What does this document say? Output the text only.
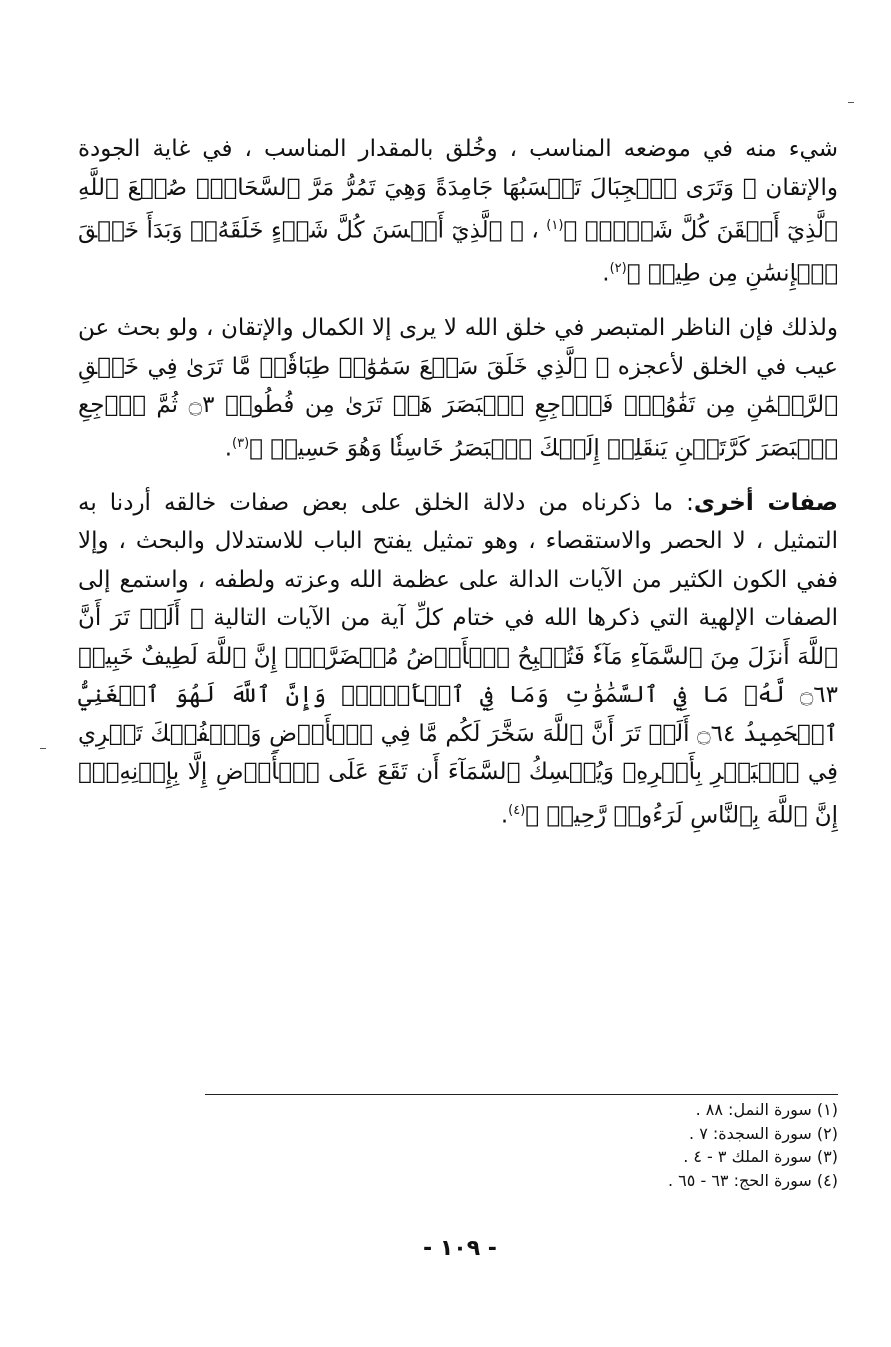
شيء منه في موضعه المناسب ، وخُلق بالمقدار المناسب ، في غاية الجودة والإتقان ﴿ وَتَرَى ٱلۡجِبَالَ تَحۡسَبُهَا جَامِدَةً وَهِيَ تَمُرُّ مَرَّ ٱلسَّحَابِۚ صُنۡعَ ٱللَّهِ ٱلَّذِيٓ أَتۡقَنَ كُلَّ شَيۡءٍۚ ﴾$^{(١)}$ ، ﴿ ٱلَّذِيٓ أَحۡسَنَ كُلَّ شَيۡءٍ خَلَقَهُۥۖ وَبَدَأَ خَلۡقَ ٱلۡإِنسَٰنِ مِن طِينٖ ﴾$^{(٢)}$.

ولذلك فإن الناظر المتبصر في خلق الله لا يرى إلا الكمال والإتقان ، ولو بحث عن عيب في الخلق لأعجزه ﴿ ٱلَّذِي خَلَقَ سَبۡعَ سَمَٰوَٰتٖ طِبَاقٗاۖ مَّا تَرَىٰ فِي خَلۡقِ ٱلرَّحۡمَٰنِ مِن تَفَٰوُتٖۖ فَٱرۡجِعِ ٱلۡبَصَرَ هَلۡ تَرَىٰ مِن فُطُورٖ ۝٣ ثُمَّ ٱرۡجِعِ ٱلۡبَصَرَ كَرَّتَيۡنِ يَنقَلِبۡ إِلَيۡكَ ٱلۡبَصَرُ خَاسِئٗا وَهُوَ حَسِيرٞ ﴾$^{(٣)}$.

صفات أخرى: ما ذكرناه من دلالة الخلق على بعض صفات خالقه أردنا به التمثيل ، لا الحصر والاستقصاء ، وهو تمثيل يفتح الباب للاستدلال والبحث ، وإلا ففي الكون الكثير من الآيات الدالة على عظمة الله وعزته ولطفه ، واستمع إلى الصفات الإلهية التي ذكرها الله في ختام كلِّ آية من الآيات التالية ﴿ أَلَمۡ تَرَ أَنَّ ٱللَّهَ أَنزَلَ مِنَ ٱلسَّمَآءِ مَآءٗ فَتُصۡبِحُ ٱلۡأَرۡضُ مُخۡضَرَّةًۚ إِنَّ ٱللَّهَ لَطِيفٌ خَبِيرٞ ۝٦٣ لَّهُۥ مَا فِي ٱلسَّمَٰوَٰتِ وَمَا فِي ٱلۡأَرۡضِۗ وَإِنَّ ٱللَّهَ لَهُوَ ٱلۡغَنِيُّ ٱلۡحَمِيدُ ۝٦٤ أَلَمۡ تَرَ أَنَّ ٱللَّهَ سَخَّرَ لَكُم مَّا فِي ٱلۡأَرۡضِ وَٱلۡفُلۡكَ تَجۡرِي فِي ٱلۡبَحۡرِ بِأَمۡرِهِۦ وَيُمۡسِكُ ٱلسَّمَآءَ أَن تَقَعَ عَلَى ٱلۡأَرۡضِ إِلَّا بِإِذۡنِهِۦٓۚ إِنَّ ٱللَّهَ بِٱلنَّاسِ لَرَءُوفٞ رَّحِيمٞ ﴾$^{(٤)}$.

(١) سورة النمل: ٨٨ .

(٢) سورة السجدة: ٧ .

(٣) سورة الملك ٣ - ٤ .

(٤) سورة الحج: ٦٣ - ٦٥ .

- ١٠٩ -
